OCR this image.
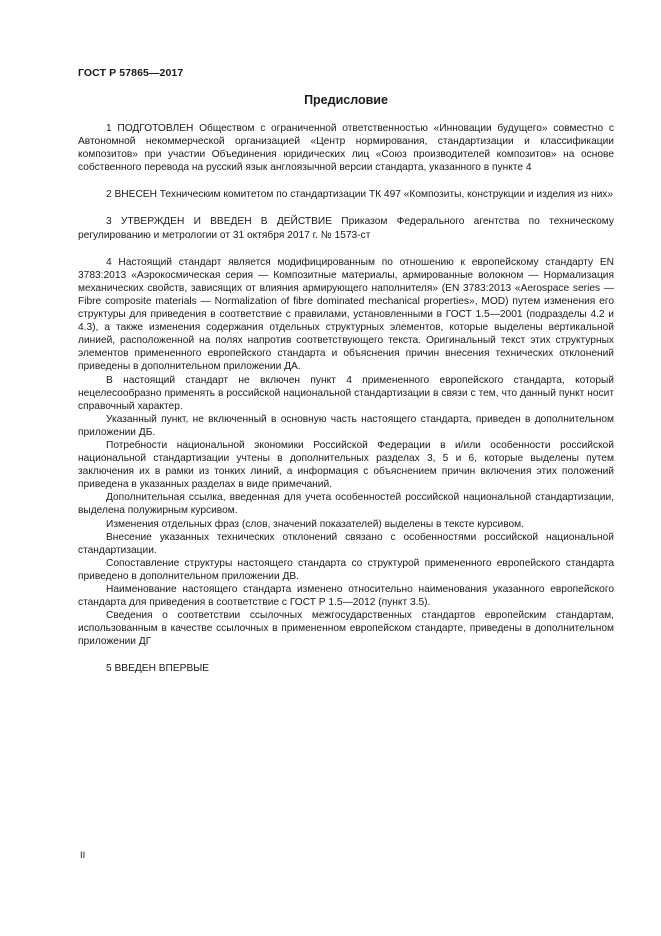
ГОСТ Р 57865—2017
Предисловие

1 ПОДГОТОВЛЕН Обществом с ограниченной ответственностью «Инновации будущего» совместно с Автономной некоммерческой организацией «Центр нормирования, стандартизации и классификации композитов» при участии Объединения юридических лиц «Союз производителей композитов» на основе собственного перевода на русский язык англоязычной версии стандарта, указанного в пункте 4

2 ВНЕСЕН Техническим комитетом по стандартизации ТК 497 «Композиты, конструкции и изделия из них»

3 УТВЕРЖДЕН И ВВЕДЕН В ДЕЙСТВИЕ Приказом Федерального агентства по техническому регулированию и метрологии от 31 октября 2017 г. № 1573-ст

4 Настоящий стандарт является модифицированным по отношению к европейскому стандарту EN 3783:2013 «Аэрокосмическая серия — Композитные материалы, армированные волокном — Нормализация механических свойств, зависящих от влияния армирующего наполнителя» (EN 3783:2013 «Aerospace series — Fibre composite materials — Normalization of fibre dominated mechanical properties», MOD) путем изменения его структуры для приведения в соответствие с правилами, установленными в ГОСТ 1.5—2001 (подразделы 4.2 и 4.3), а также изменения содержания отдельных структурных элементов, которые выделены вертикальной линией, расположенной на полях напротив соответствующего текста. Оригинальный текст этих структурных элементов примененного европейского стандарта и объяснения причин внесения технических отклонений приведены в дополнительном приложении ДА.

В настоящий стандарт не включен пункт 4 примененного европейского стандарта, который нецелесообразно применять в российской национальной стандартизации в связи с тем, что данный пункт носит справочный характер.

Указанный пункт, не включенный в основную часть настоящего стандарта, приведен в дополнительном приложении ДБ.

Потребности национальной экономики Российской Федерации в и/или особенности российской национальной стандартизации учтены в дополнительных разделах 3, 5 и 6, которые выделены путем заключения их в рамки из тонких линий, а информация с объяснением причин включения этих положений приведена в указанных разделах в виде примечаний.

Дополнительная ссылка, введенная для учета особенностей российской национальной стандартизации, выделена полужирным курсивом.

Изменения отдельных фраз (слов, значений показателей) выделены в тексте курсивом.

Внесение указанных технических отклонений связано с особенностями российской национальной стандартизации.

Сопоставление структуры настоящего стандарта со структурой примененного европейского стандарта приведено в дополнительном приложении ДВ.

Наименование настоящего стандарта изменено относительно наименования указанного европейского стандарта для приведения в соответствие с ГОСТ Р 1.5—2012 (пункт 3.5).

Сведения о соответствии ссылочных межгосударственных стандартов европейским стандартам, использованным в качестве ссылочных в примененном европейском стандарте, приведены в дополнительном приложении ДГ

5 ВВЕДЕН ВПЕРВЫЕ

II
